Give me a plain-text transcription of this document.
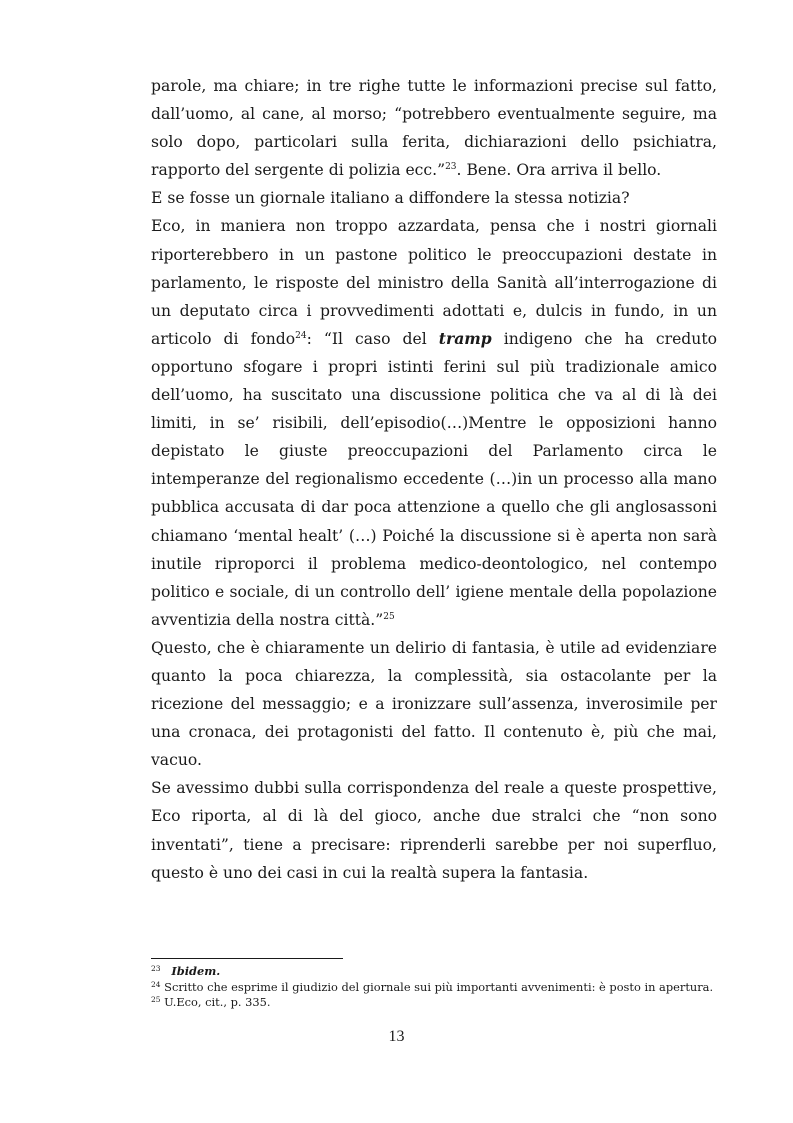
parole, ma chiare; in tre righe tutte le informazioni precise sul fatto, dall’uomo, al cane, al morso; “potrebbero eventualmente seguire, ma solo dopo, particolari sulla ferita, dichiarazioni dello psichiatra, rapporto del sergente di polizia ecc.”$^{23}$. Bene. Ora arriva il bello.

E se fosse un giornale italiano a diffondere la stessa notizia?

Eco, in maniera non troppo azzardata, pensa che i nostri giornali riporterebbero in un pastone politico le preoccupazioni destate in parlamento, le risposte del ministro della Sanità all’interrogazione di un deputato circa i provvedimenti adottati e, dulcis in fundo, in un articolo di fondo$^{24}$: “Il caso del tramp indigeno che ha creduto opportuno sfogare i propri istinti ferini sul più tradizionale amico dell’uomo, ha suscitato una discussione politica che va al di là dei limiti, in se’ risibili, dell’episodio(…)Mentre le opposizioni hanno depistato le giuste preoccupazioni del Parlamento circa le intemperanze del regionalismo eccedente (…)in un processo alla mano pubblica accusata di dar poca attenzione a quello che gli anglosassoni chiamano ‘mental healt’ (…) Poiché la discussione si è aperta non sarà inutile riproporci il problema medico-deontologico, nel contempo politico e sociale, di un controllo dell’ igiene mentale della popolazione avventizia della nostra città.”$^{25}$

Questo, che è chiaramente un delirio di fantasia, è utile ad evidenziare quanto la poca chiarezza, la complessità, sia ostacolante per la ricezione del messaggio; e a ironizzare sull’assenza, inverosimile per una cronaca, dei protagonisti del fatto. Il contenuto è, più che mai, vacuo.

Se avessimo dubbi sulla corrispondenza del reale a queste prospettive, Eco riporta, al di là del gioco, anche due stralci che “non sono inventati”, tiene a precisare: riprenderli sarebbe per noi superfluo, questo è uno dei casi in cui la realtà supera la fantasia.

$^{23}$ Ibidem.

$^{24}$ Scritto che esprime il giudizio del giornale sui più importanti avvenimenti: è posto in apertura.

$^{25}$ U.Eco, cit., p. 335.

13
